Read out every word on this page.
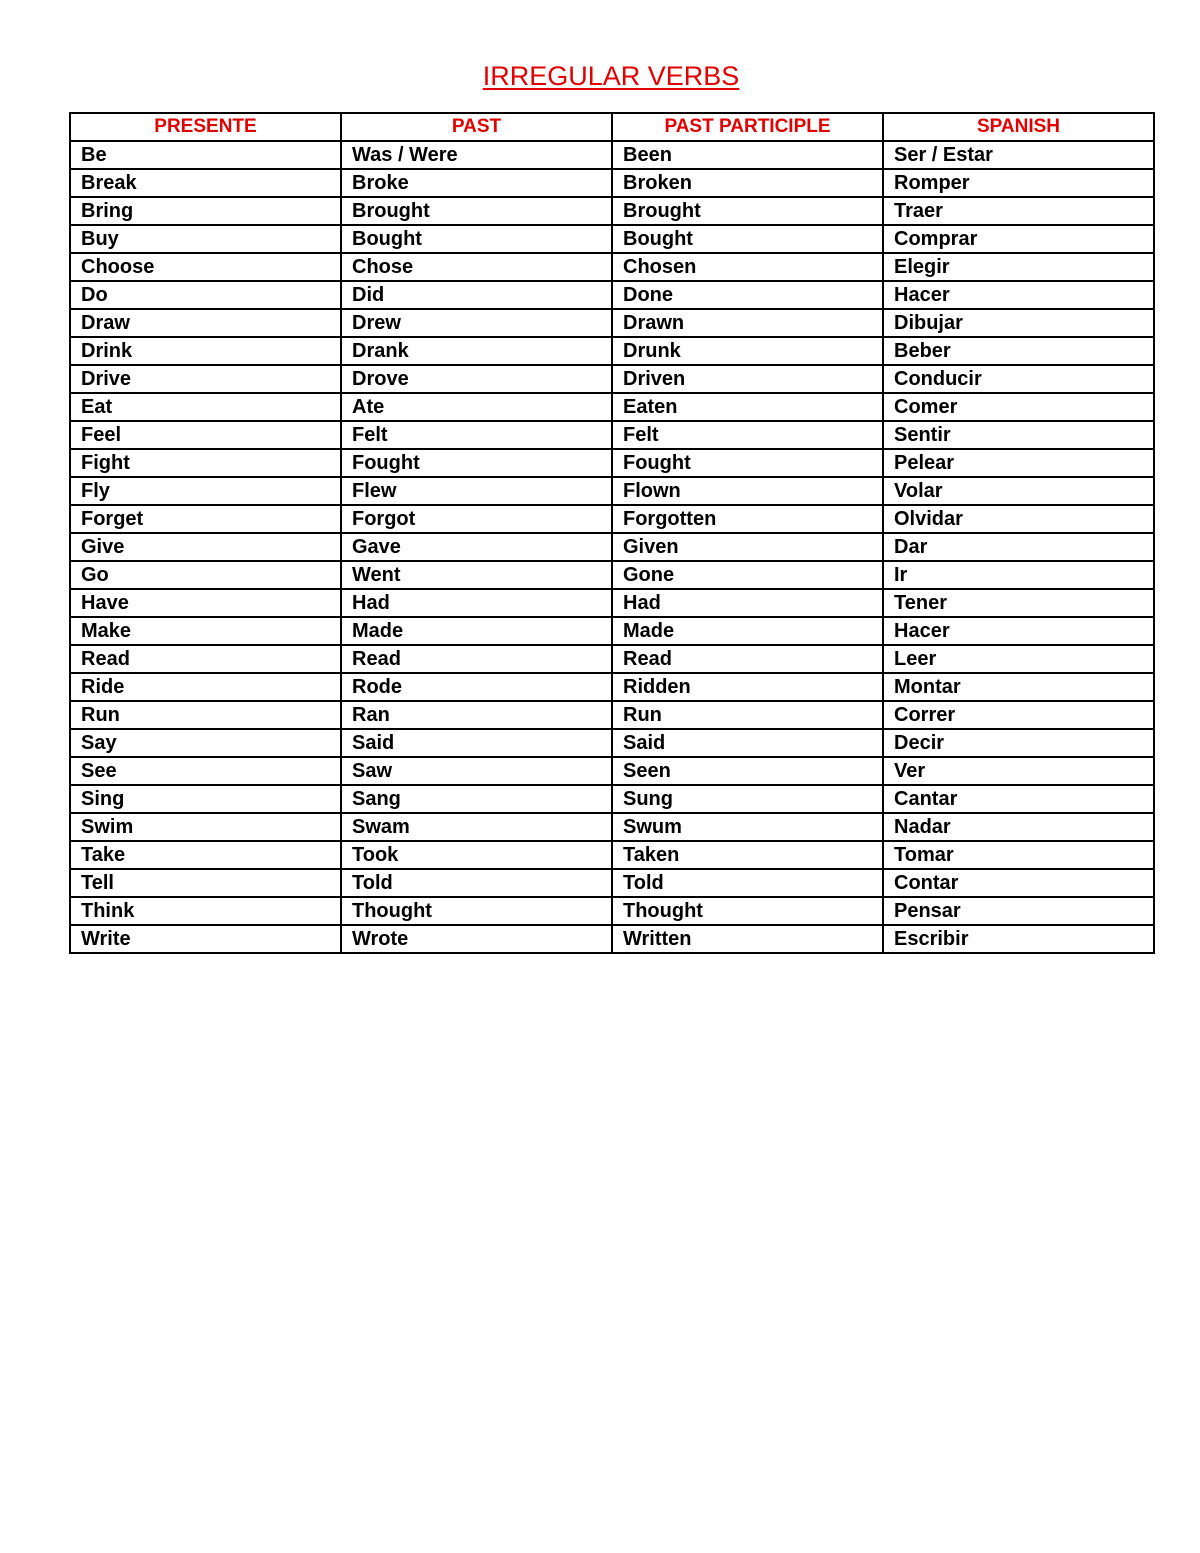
IRREGULAR VERBS
PRESENTE	PAST	PAST PARTICIPLE	SPANISH
Be	Was / Were	Been	Ser / Estar
Break	Broke	Broken	Romper
Bring	Brought	Brought	Traer
Buy	Bought	Bought	Comprar
Choose	Chose	Chosen	Elegir
Do	Did	Done	Hacer
Draw	Drew	Drawn	Dibujar
Drink	Drank	Drunk	Beber
Drive	Drove	Driven	Conducir
Eat	Ate	Eaten	Comer
Feel	Felt	Felt	Sentir
Fight	Fought	Fought	Pelear
Fly	Flew	Flown	Volar
Forget	Forgot	Forgotten	Olvidar
Give	Gave	Given	Dar
Go	Went	Gone	Ir
Have	Had	Had	Tener
Make	Made	Made	Hacer
Read	Read	Read	Leer
Ride	Rode	Ridden	Montar
Run	Ran	Run	Correr
Say	Said	Said	Decir
See	Saw	Seen	Ver
Sing	Sang	Sung	Cantar
Swim	Swam	Swum	Nadar
Take	Took	Taken	Tomar
Tell	Told	Told	Contar
Think	Thought	Thought	Pensar
Write	Wrote	Written	Escribir
